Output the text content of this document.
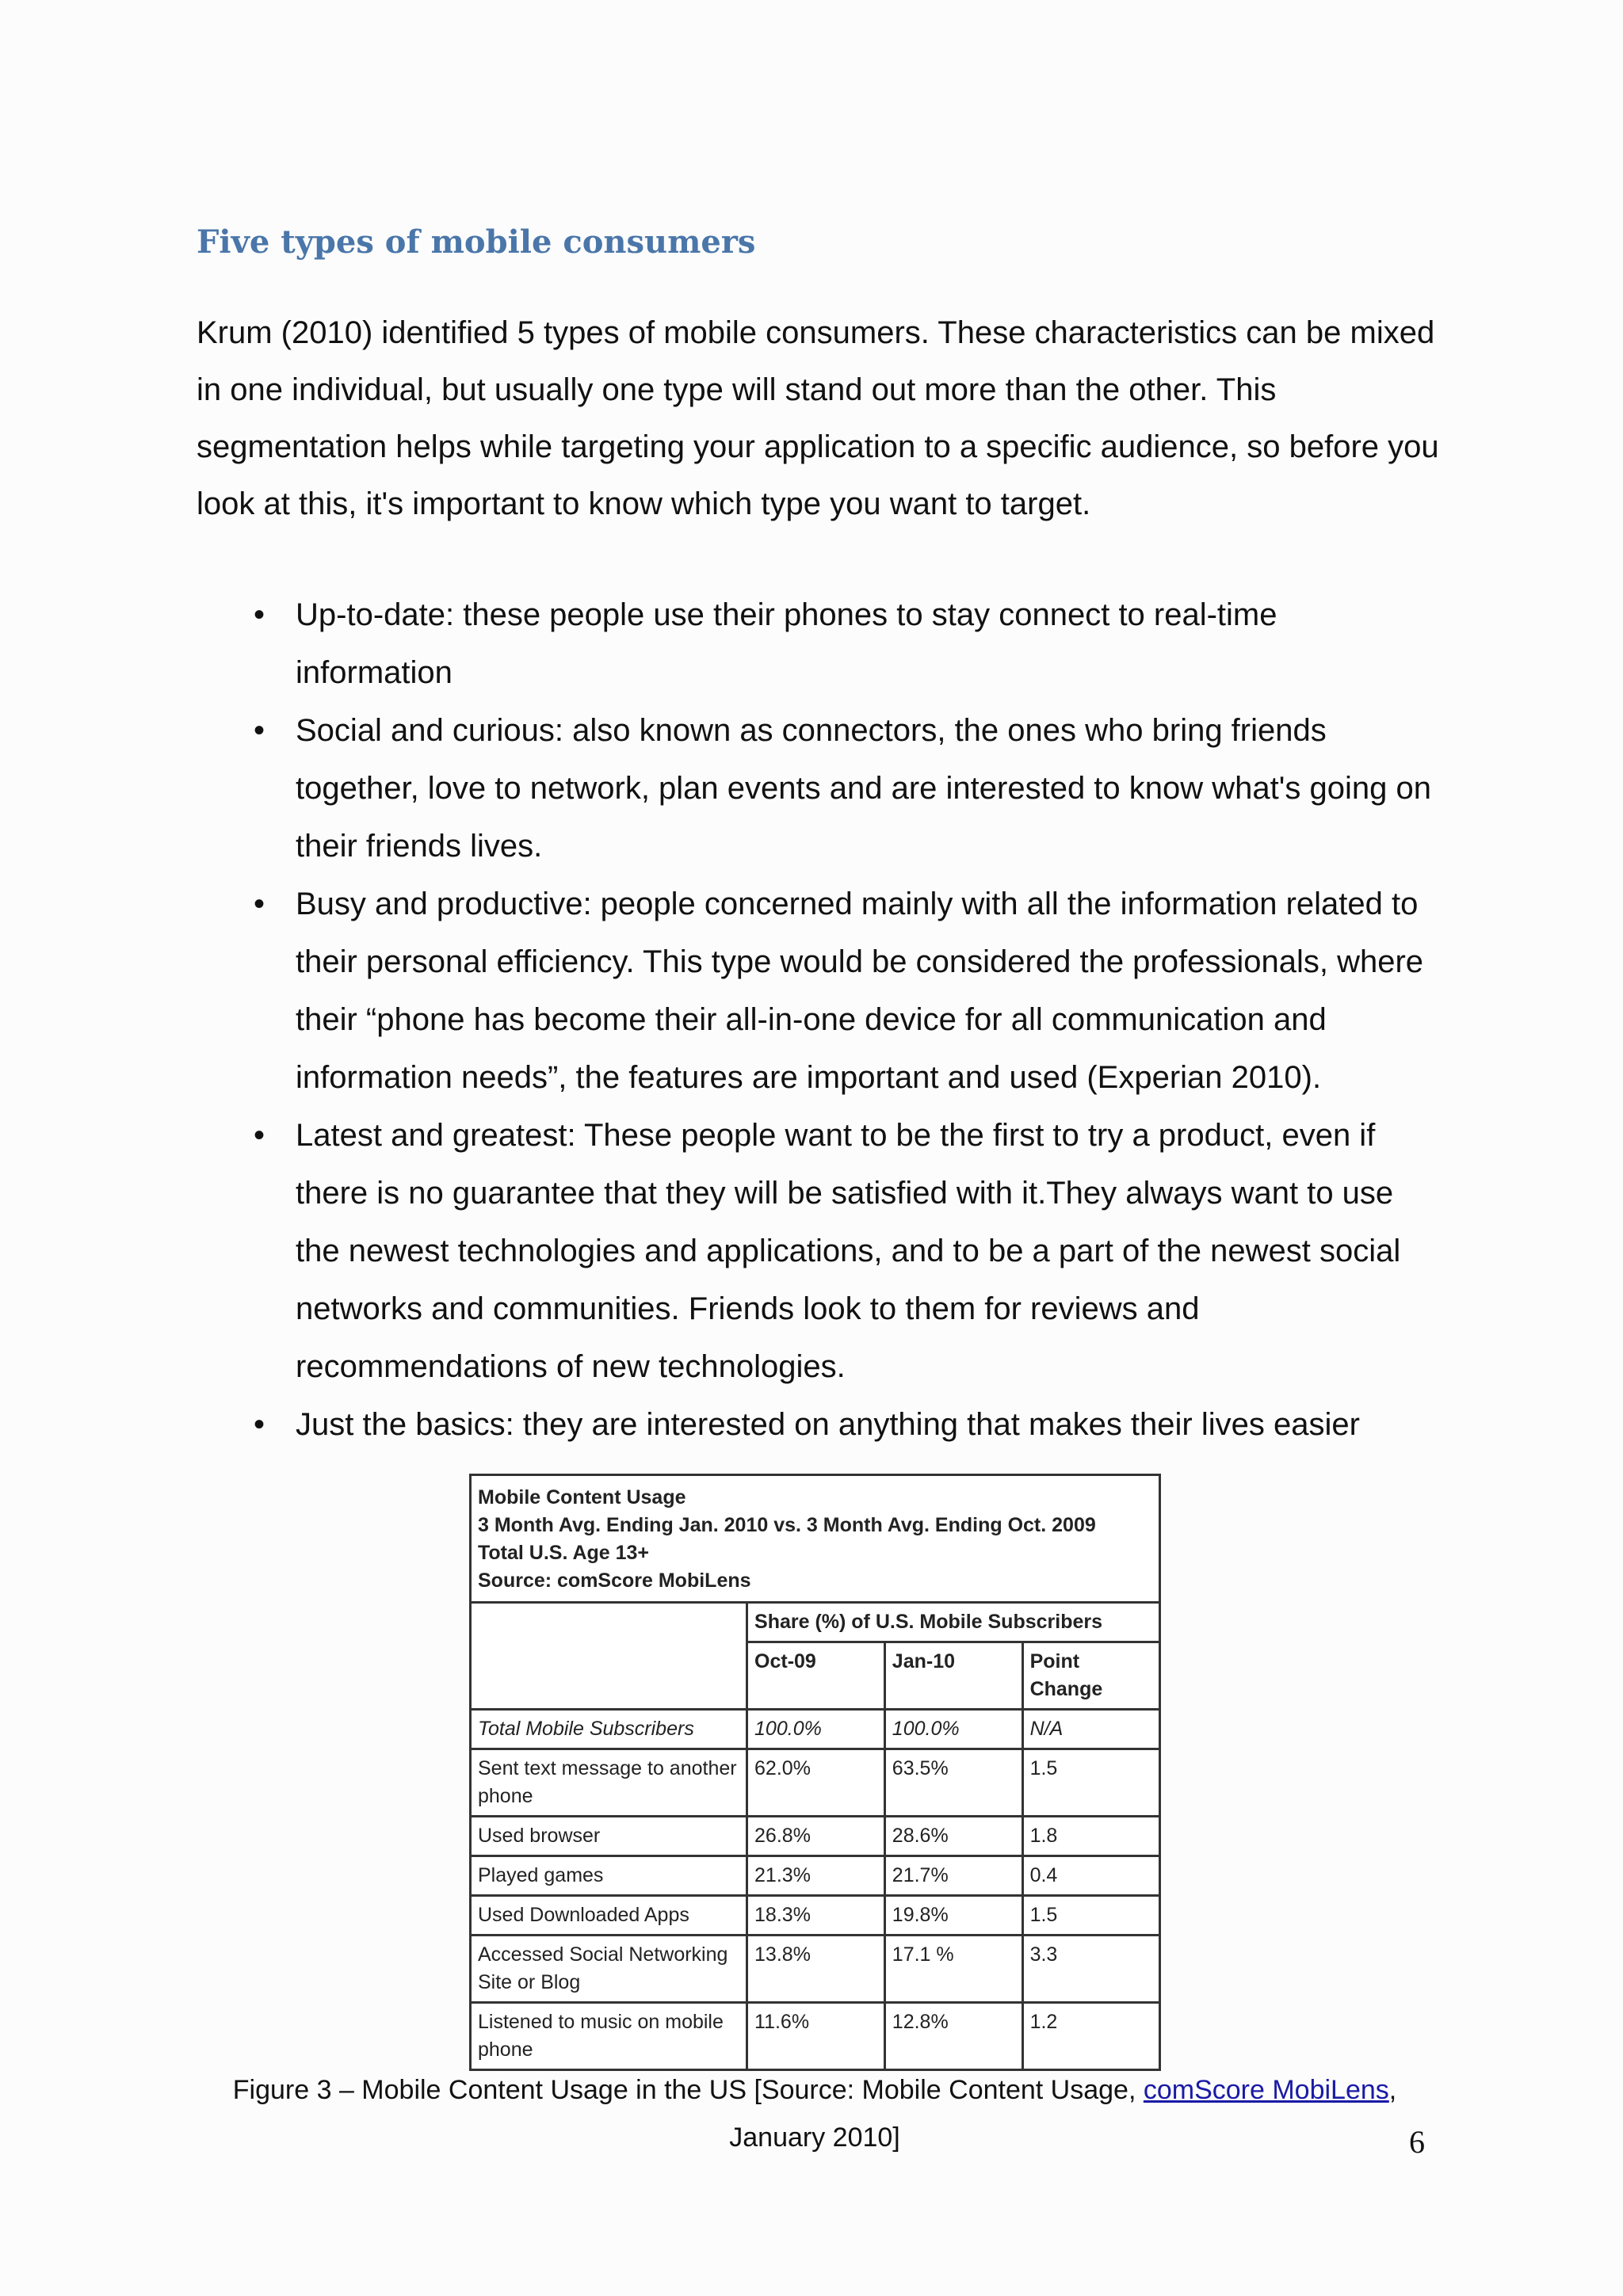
Five types of mobile consumers

Krum (2010) identified 5 types of mobile consumers. These characteristics can be mixed in one individual, but usually one type will stand out more than the other. This segmentation helps while targeting your application to a specific audience, so before you look at this, it's important to know which type you want to target.

• Up-to-date: these people use their phones to stay connect to real-time information
• Social and curious: also known as connectors, the ones who bring friends together, love to network, plan events and are interested to know what's going on their friends lives.
• Busy and productive: people concerned mainly with all the information related to their personal efficiency. This type would be considered the professionals, where their “phone has become their all-in-one device for all communication and information needs”, the features are important and used (Experian 2010).
• Latest and greatest: These people want to be the first to try a product, even if there is no guarantee that they will be satisfied with it.They always want to use the newest technologies and applications, and to be a part of the newest social networks and communities. Friends look to them for reviews and recommendations of new technologies.
• Just the basics: they are interested on anything that makes their lives easier
Mobile Content Usage
3 Month Avg. Ending Jan. 2010 vs. 3 Month Avg. Ending Oct. 2009
Total U.S. Age 13+
Source: comScore MobiLens
	Share (%) of U.S. Mobile Subscribers		
	Oct-09	Jan-10	Point Change
Total Mobile Subscribers	100.0%	100.0%	N/A
Sent text message to another phone	62.0%	63.5%	1.5
Used browser	26.8%	28.6%	1.8
Played games	21.3%	21.7%	0.4
Used Downloaded Apps	18.3%	19.8%	1.5
Accessed Social Networking Site or Blog	13.8%	17.1 %	3.3
Listened to music on mobile phone	11.6%	12.8%	1.2

Figure 3 – Mobile Content Usage in the US [Source: Mobile Content Usage, comScore MobiLens, January 2010]	6
